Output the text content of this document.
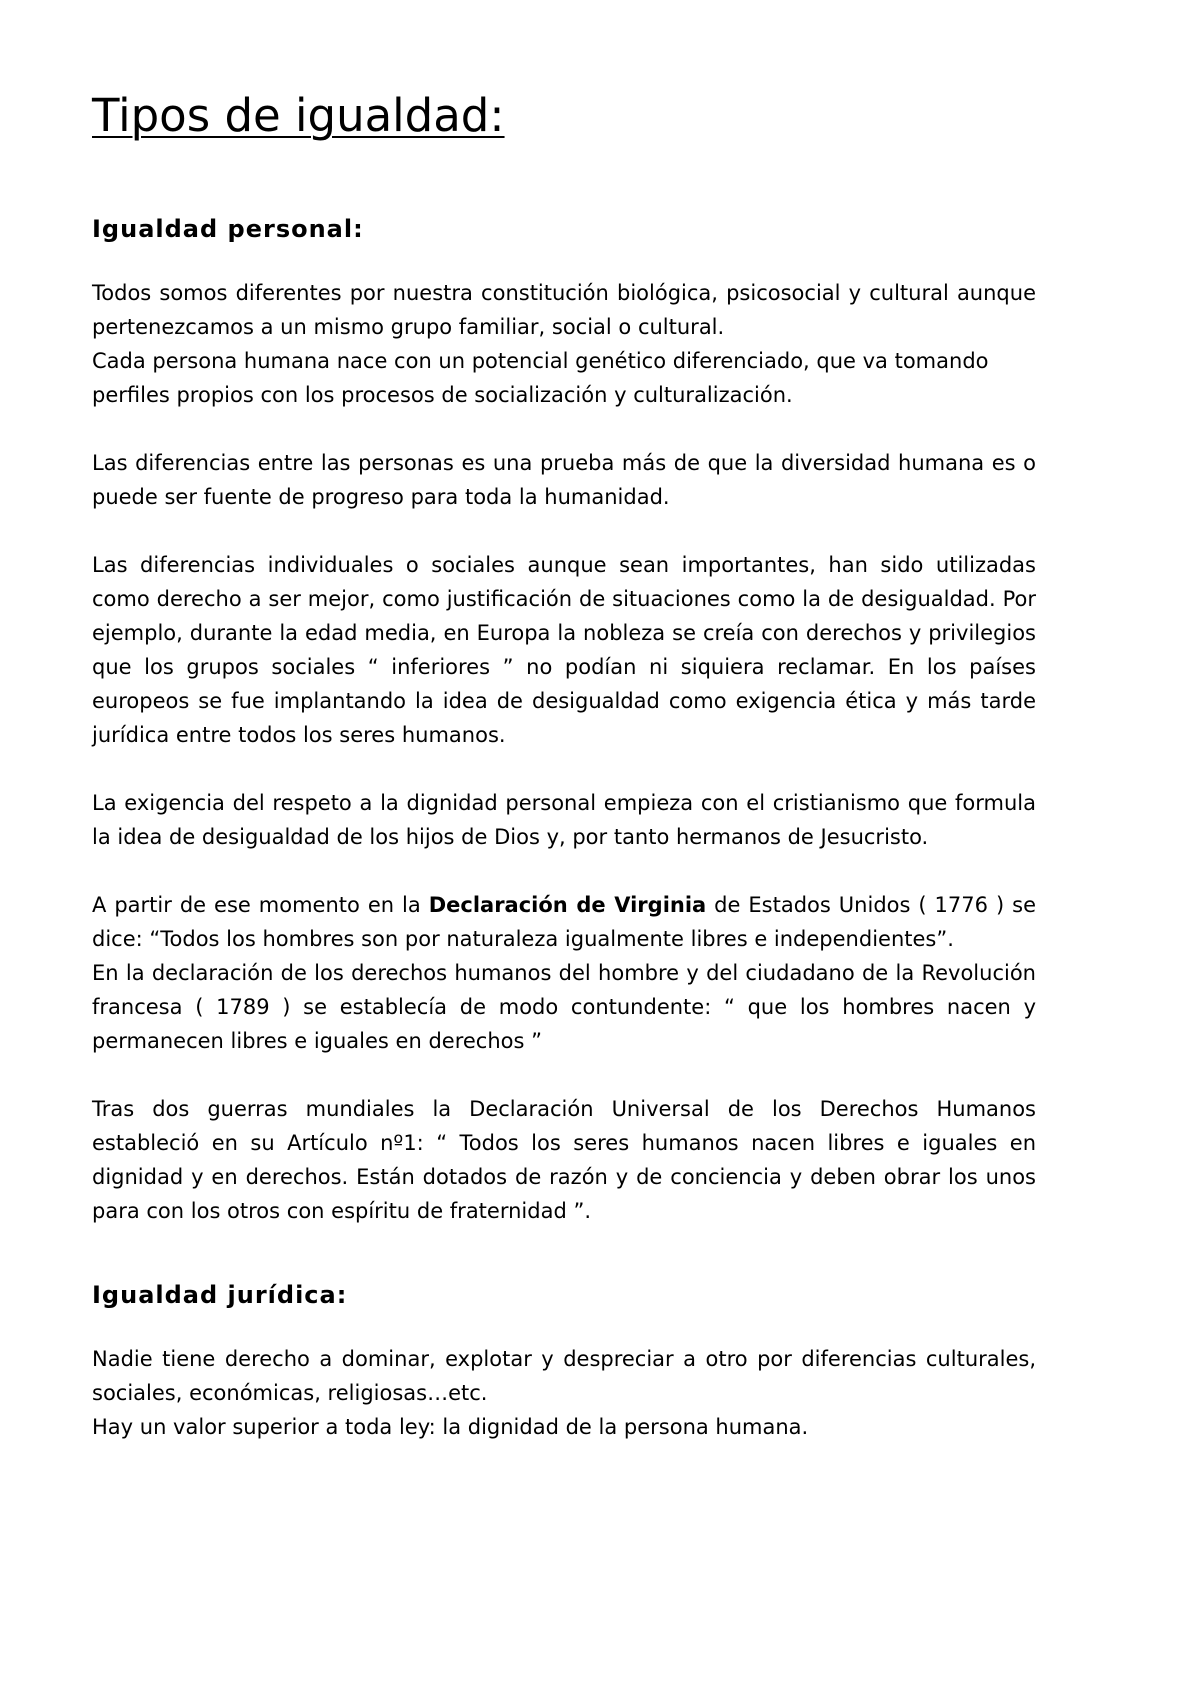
Tipos de igualdad:
Igualdad personal:

Todos somos diferentes por nuestra constitución biológica, psicosocial y cultural aunque pertenezcamos a un mismo grupo familiar, social o cultural.

Cada persona humana nace con un potencial genético diferenciado, que va tomando perfiles propios con los procesos de socialización y culturalización.

Las diferencias entre las personas es una prueba más de que la diversidad humana es o puede ser fuente de progreso para toda la humanidad.

Las diferencias individuales o sociales aunque sean importantes, han sido utilizadas como derecho a ser mejor, como justificación de situaciones como la de desigualdad. Por ejemplo, durante la edad media, en Europa la nobleza se creía con derechos y privilegios que los grupos sociales “ inferiores ” no podían ni siquiera reclamar. En los países europeos se fue implantando la idea de desigualdad como exigencia ética y más tarde jurídica entre todos los seres humanos.

La exigencia del respeto a la dignidad personal empieza con el cristianismo que formula la idea de desigualdad de los hijos de Dios y, por tanto hermanos de Jesucristo.

A partir de ese momento en la Declaración de Virginia de Estados Unidos ( 1776 ) se dice: “Todos los hombres son por naturaleza igualmente libres e independientes”.

En la declaración de los derechos humanos del hombre y del ciudadano de la Revolución francesa ( 1789 ) se establecía de modo contundente: “ que los hombres nacen y permanecen libres e iguales en derechos ”

Tras dos guerras mundiales la Declaración Universal de los Derechos Humanos estableció en su Artículo nº1: “ Todos los seres humanos nacen libres e iguales en dignidad y en derechos. Están dotados de razón y de conciencia y deben obrar los unos para con los otros con espíritu de fraternidad ”.

Igualdad jurídica:

Nadie tiene derecho a dominar, explotar y despreciar a otro por diferencias culturales, sociales, económicas, religiosas…etc.

Hay un valor superior a toda ley: la dignidad de la persona humana.
